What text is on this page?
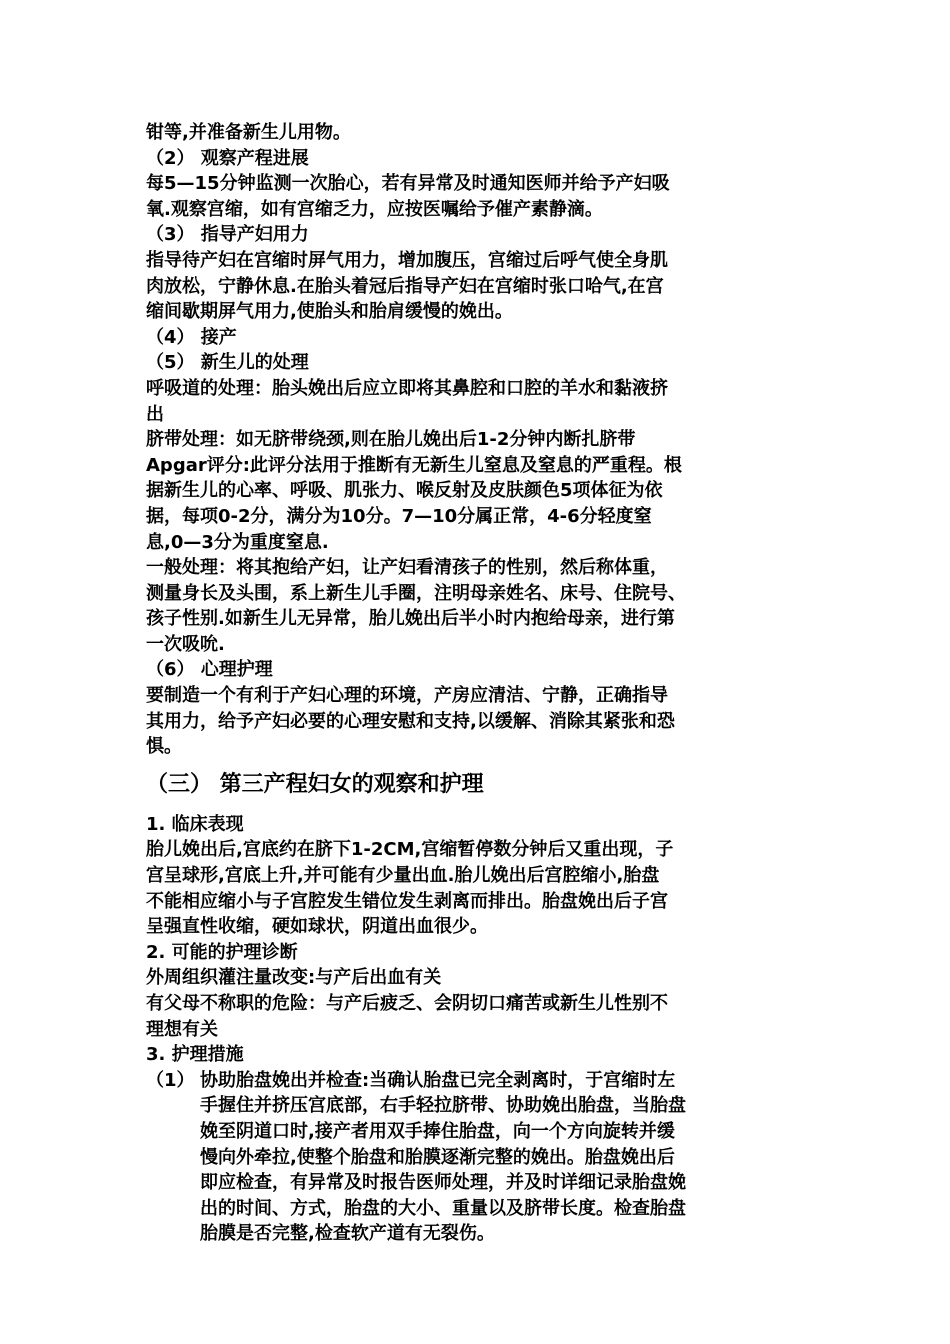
钳等,并准备新生儿用物。
（2） 观察产程进展
每5—15分钟监测一次胎心，若有异常及时通知医师并给予产妇吸
氧.观察宫缩，如有宫缩乏力，应按医嘱给予催产素静滴。
（3） 指导产妇用力
指导待产妇在宫缩时屏气用力，增加腹压，宫缩过后呼气使全身肌
肉放松，宁静休息.在胎头着冠后指导产妇在宫缩时张口哈气,在宫
缩间歇期屏气用力,使胎头和胎肩缓慢的娩出。
（4） 接产
（5） 新生儿的处理
呼吸道的处理：胎头娩出后应立即将其鼻腔和口腔的羊水和黏液挤
出
脐带处理：如无脐带绕颈,则在胎儿娩出后1-2分钟内断扎脐带
Apgar评分:此评分法用于推断有无新生儿窒息及窒息的严重程。根
据新生儿的心率、呼吸、肌张力、喉反射及皮肤颜色5项体征为依
据，每项0-2分，满分为10分。7—10分属正常，4-6分轻度窒
息,0—3分为重度窒息.
一般处理：将其抱给产妇，让产妇看清孩子的性别，然后称体重，
测量身长及头围，系上新生儿手圈，注明母亲姓名、床号、住院号、
孩子性别.如新生儿无异常，胎儿娩出后半小时内抱给母亲，进行第
一次吸吮.
（6） 心理护理
要制造一个有利于产妇心理的环境，产房应清洁、宁静，正确指导
其用力，给予产妇必要的心理安慰和支持,以缓解、消除其紧张和恐
惧。
（三） 第三产程妇女的观察和护理
1. 临床表现
胎儿娩出后,宫底约在脐下1-2CM,宫缩暂停数分钟后又重出现，子
宫呈球形,宫底上升,并可能有少量出血.胎儿娩出后宫腔缩小,胎盘
不能相应缩小与子宫腔发生错位发生剥离而排出。胎盘娩出后子宫
呈强直性收缩，硬如球状，阴道出血很少。
2. 可能的护理诊断
外周组织灌注量改变:与产后出血有关
有父母不称职的危险：与产后疲乏、会阴切口痛苦或新生儿性别不
理想有关
3. 护理措施
（1） 协助胎盘娩出并检查:当确认胎盘已完全剥离时，于宫缩时左
手握住并挤压宫底部，右手轻拉脐带、协助娩出胎盘，当胎盘
娩至阴道口时,接产者用双手捧住胎盘，向一个方向旋转并缓
慢向外牵拉,使整个胎盘和胎膜逐渐完整的娩出。胎盘娩出后
即应检查，有异常及时报告医师处理，并及时详细记录胎盘娩
出的时间、方式，胎盘的大小、重量以及脐带长度。检查胎盘
胎膜是否完整,检查软产道有无裂伤。
